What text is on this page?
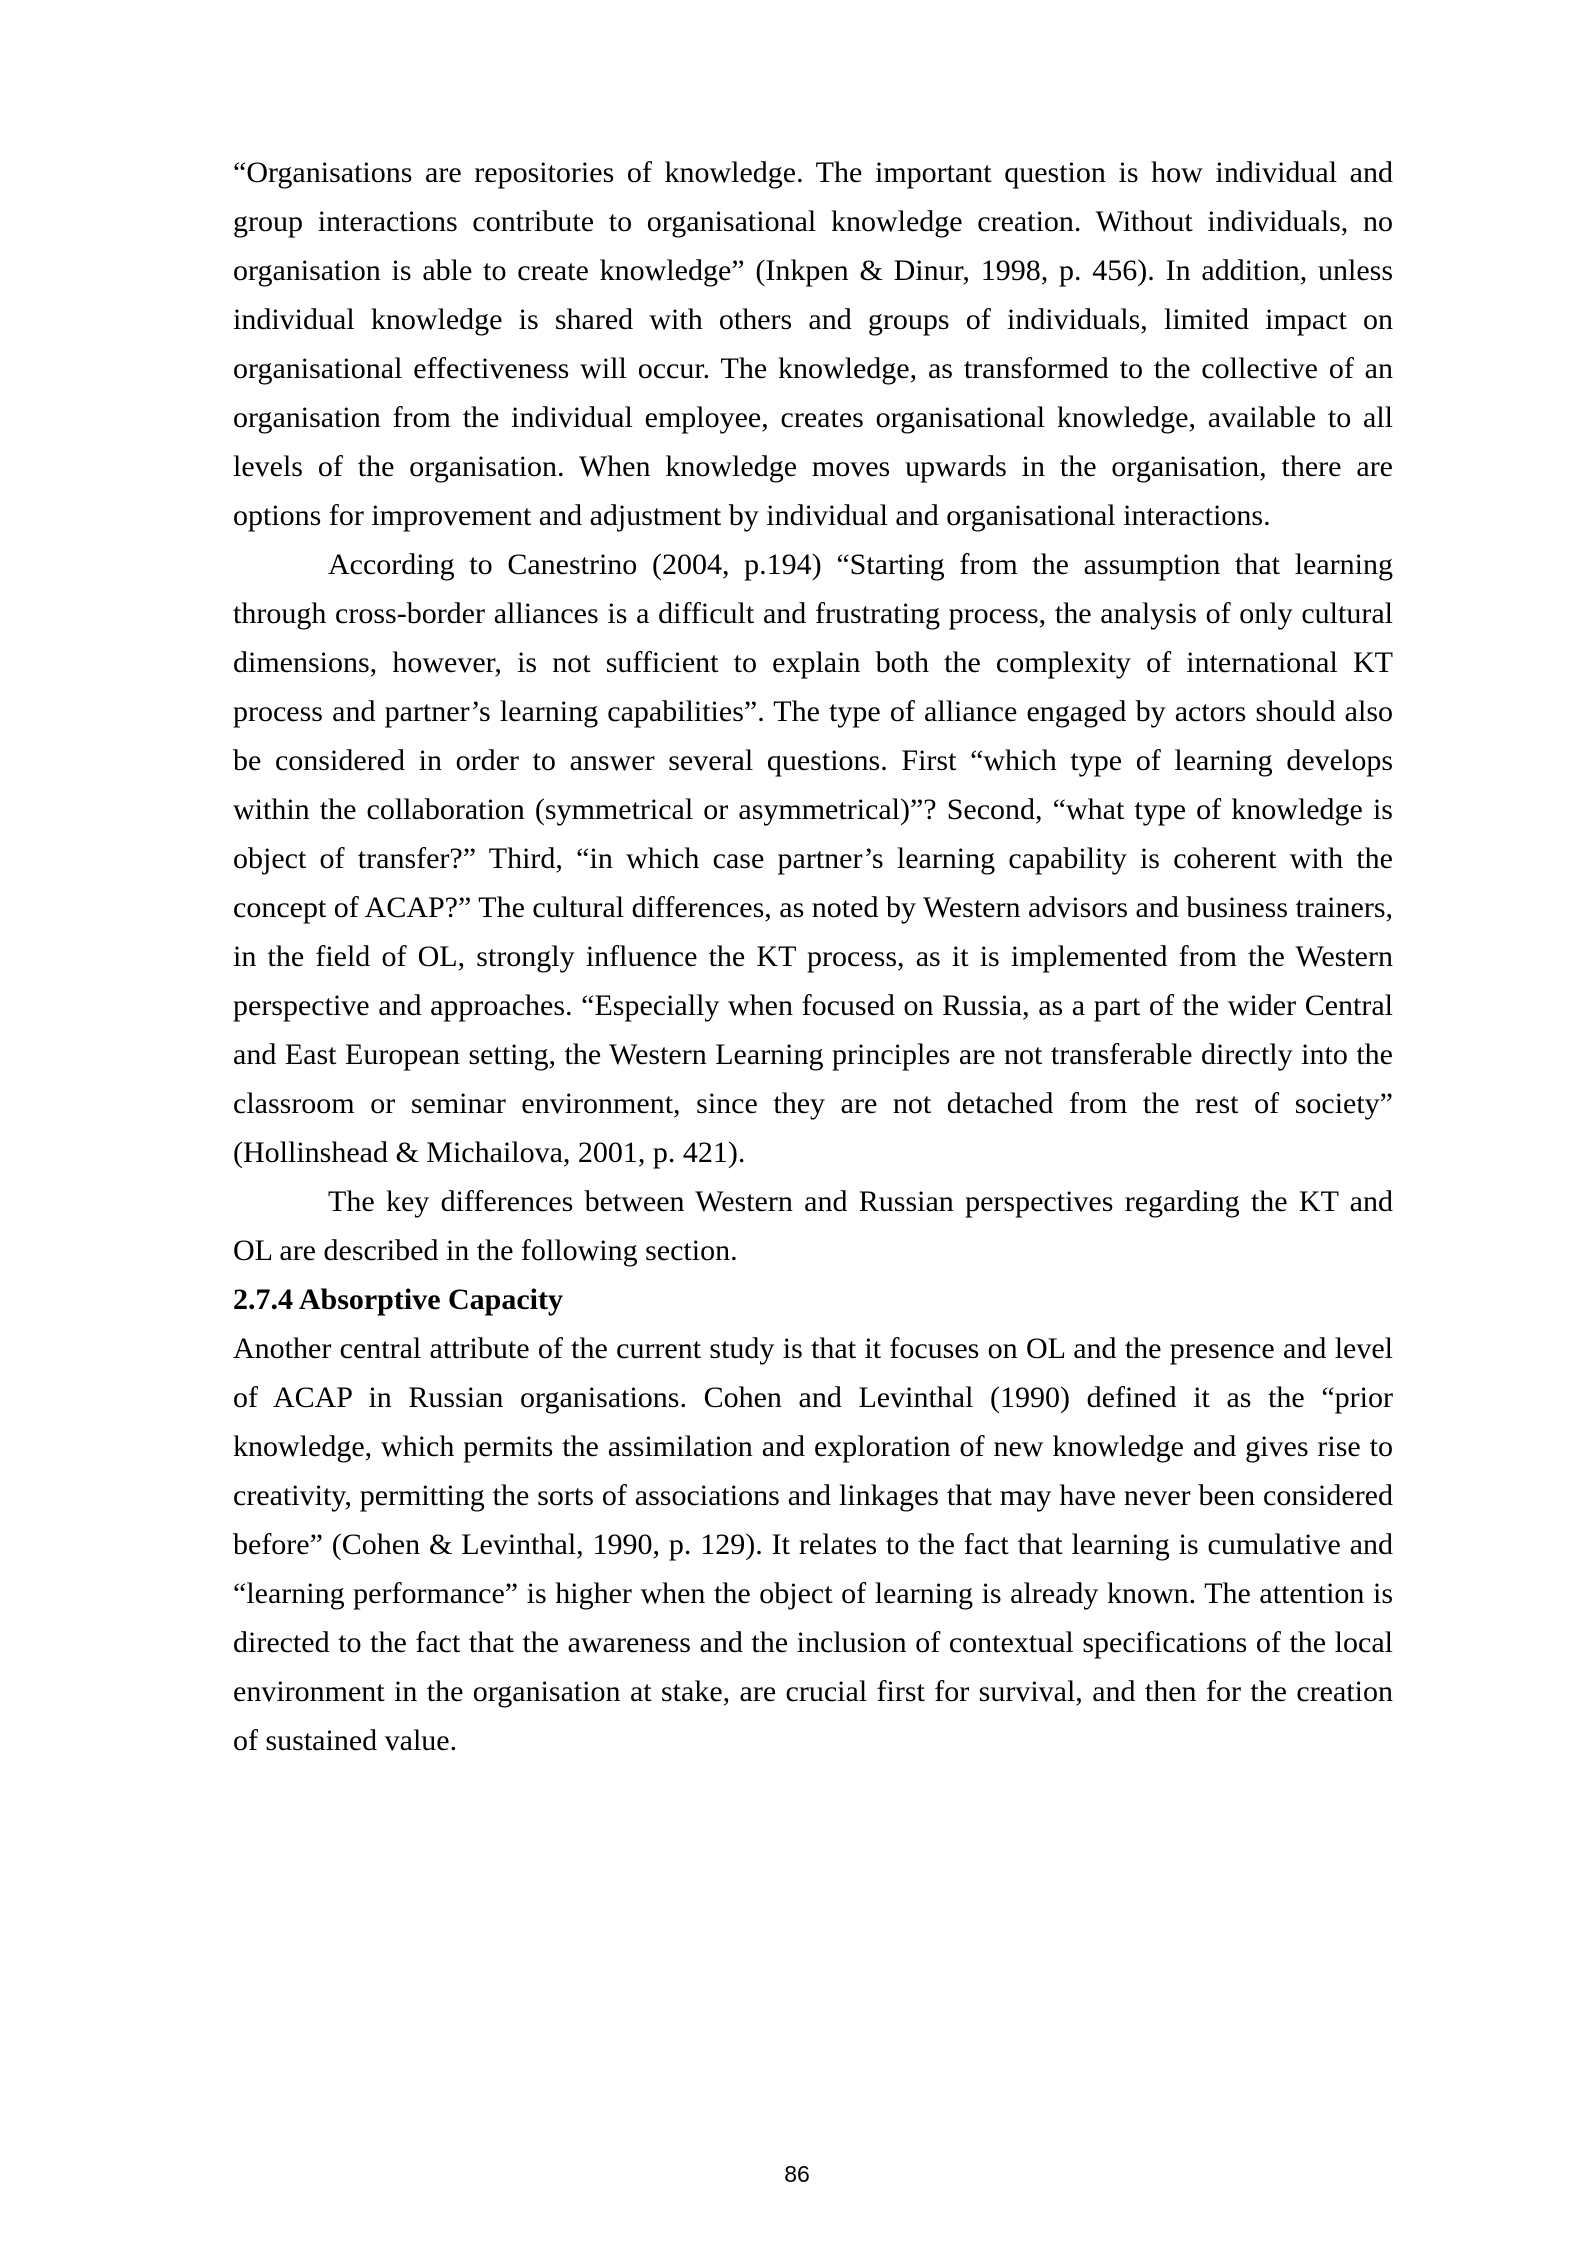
“Organisations are repositories of knowledge. The important question is how individual and group interactions contribute to organisational knowledge creation. Without individuals, no organisation is able to create knowledge” (Inkpen & Dinur, 1998, p. 456). In addition, unless individual knowledge is shared with others and groups of individuals, limited impact on organisational effectiveness will occur. The knowledge, as transformed to the collective of an organisation from the individual employee, creates organisational knowledge, available to all levels of the organisation. When knowledge moves upwards in the organisation, there are options for improvement and adjustment by individual and organisational interactions.

According to Canestrino (2004, p.194) “Starting from the assumption that learning through cross-border alliances is a difficult and frustrating process, the analysis of only cultural dimensions, however, is not sufficient to explain both the complexity of international KT process and partner’s learning capabilities”. The type of alliance engaged by actors should also be considered in order to answer several questions. First “which type of learning develops within the collaboration (symmetrical or asymmetrical)”? Second, “what type of knowledge is object of transfer?” Third, “in which case partner’s learning capability is coherent with the concept of ACAP?” The cultural differences, as noted by Western advisors and business trainers, in the field of OL, strongly influence the KT process, as it is implemented from the Western perspective and approaches. “Especially when focused on Russia, as a part of the wider Central and East European setting, the Western Learning principles are not transferable directly into the classroom or seminar environment, since they are not detached from the rest of society” (Hollinshead & Michailova, 2001, p. 421).

The key differences between Western and Russian perspectives regarding the KT and OL are described in the following section.

2.7.4 Absorptive Capacity

Another central attribute of the current study is that it focuses on OL and the presence and level of ACAP in Russian organisations. Cohen and Levinthal (1990) defined it as the “prior knowledge, which permits the assimilation and exploration of new knowledge and gives rise to creativity, permitting the sorts of associations and linkages that may have never been considered before” (Cohen & Levinthal, 1990, p. 129). It relates to the fact that learning is cumulative and “learning performance” is higher when the object of learning is already known. The attention is directed to the fact that the awareness and the inclusion of contextual specifications of the local environment in the organisation at stake, are crucial first for survival, and then for the creation of sustained value.

86
